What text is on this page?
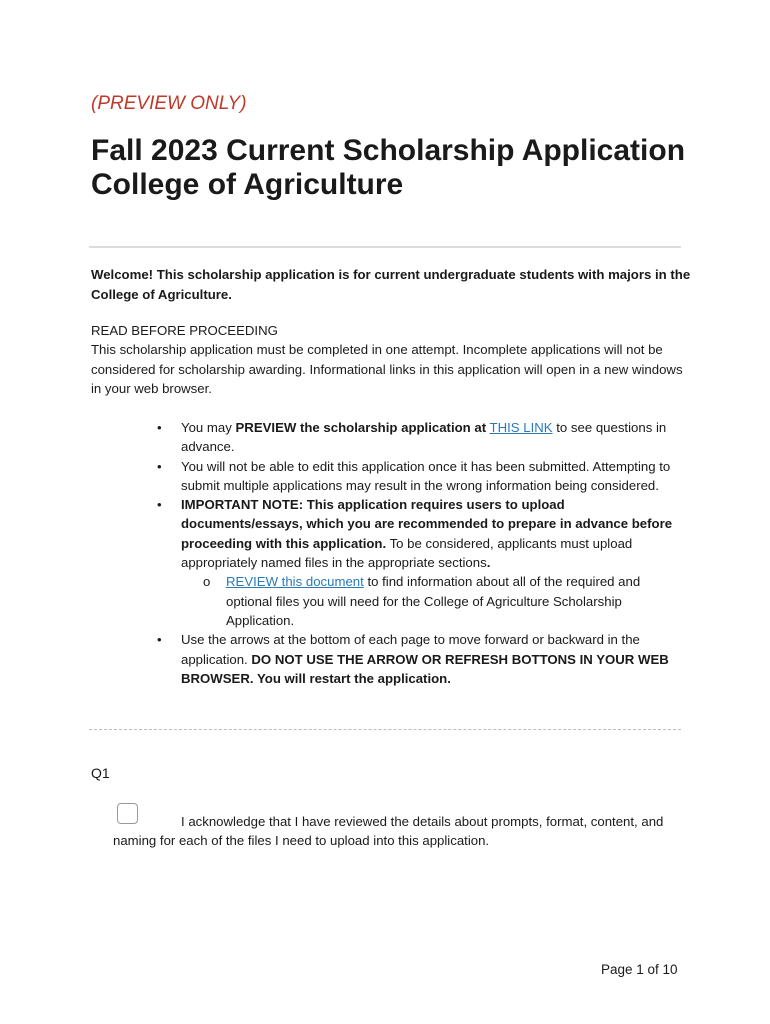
(PREVIEW ONLY)
Fall 2023 Current Scholarship Application College of Agriculture

Welcome! This scholarship application is for current undergraduate students with majors in the College of Agriculture.

READ BEFORE PROCEEDING

This scholarship application must be completed in one attempt. Incomplete applications will not be considered for scholarship awarding. Informational links in this application will open in a new windows in your web browser.

• You may PREVIEW the scholarship application at THIS LINK to see questions in advance.
• You will not be able to edit this application once it has been submitted. Attempting to submit multiple applications may result in the wrong information being considered.
• IMPORTANT NOTE: This application requires users to upload documents/essays, which you are recommended to prepare in advance before proceeding with this application. To be considered, applicants must upload appropriately named files in the appropriate sections.
o REVIEW this document to find information about all of the required and optional files you will need for the College of Agriculture Scholarship Application.
• Use the arrows at the bottom of each page to move forward or backward in the application. DO NOT USE THE ARROW OR REFRESH BOTTONS IN YOUR WEB BROWSER. You will restart the application.
Q1

I acknowledge that I have reviewed the details about prompts, format, content, and naming for each of the files I need to upload into this application.

Page 1 of 10
